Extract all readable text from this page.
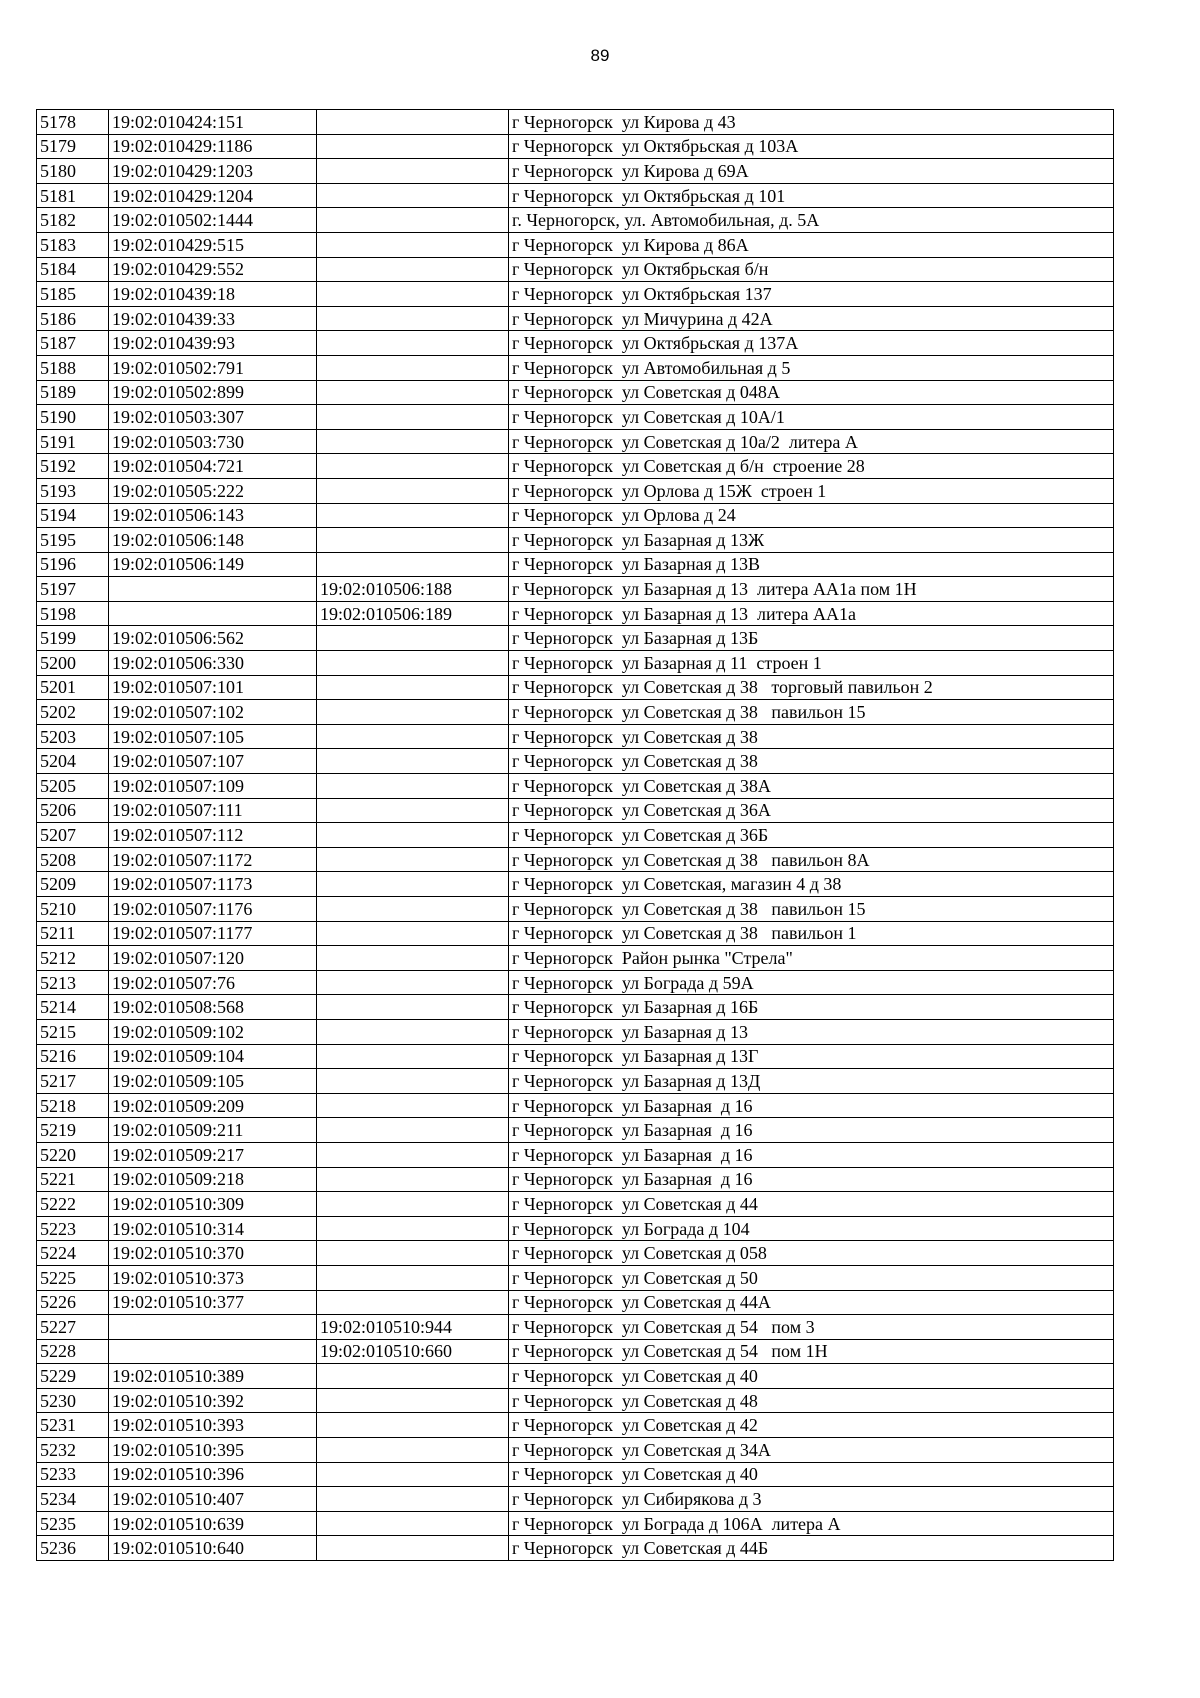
89
5178	19:02:010424:151		г Черногорск  ул Кирова д 43
5179	19:02:010429:1186		г Черногорск  ул Октябрьская д 103А
5180	19:02:010429:1203		г Черногорск  ул Кирова д 69А
5181	19:02:010429:1204		г Черногорск  ул Октябрьская д 101
5182	19:02:010502:1444		г. Черногорск, ул. Автомобильная, д. 5А
5183	19:02:010429:515		г Черногорск  ул Кирова д 86А
5184	19:02:010429:552		г Черногорск  ул Октябрьская б/н
5185	19:02:010439:18		г Черногорск  ул Октябрьская 137
5186	19:02:010439:33		г Черногорск  ул Мичурина д 42А
5187	19:02:010439:93		г Черногорск  ул Октябрьская д 137А
5188	19:02:010502:791		г Черногорск  ул Автомобильная д 5
5189	19:02:010502:899		г Черногорск  ул Советская д 048А
5190	19:02:010503:307		г Черногорск  ул Советская д 10А/1
5191	19:02:010503:730		г Черногорск  ул Советская д 10а/2  литера А
5192	19:02:010504:721		г Черногорск  ул Советская д б/н  строение 28
5193	19:02:010505:222		г Черногорск  ул Орлова д 15Ж  строен 1
5194	19:02:010506:143		г Черногорск  ул Орлова д 24
5195	19:02:010506:148		г Черногорск  ул Базарная д 13Ж
5196	19:02:010506:149		г Черногорск  ул Базарная д 13В
5197		19:02:010506:188	г Черногорск  ул Базарная д 13  литера АА1а пом 1Н
5198		19:02:010506:189	г Черногорск  ул Базарная д 13  литера АА1а
5199	19:02:010506:562		г Черногорск  ул Базарная д 13Б
5200	19:02:010506:330		г Черногорск  ул Базарная д 11  строен 1
5201	19:02:010507:101		г Черногорск  ул Советская д 38   торговый павильон 2
5202	19:02:010507:102		г Черногорск  ул Советская д 38   павильон 15
5203	19:02:010507:105		г Черногорск  ул Советская д 38
5204	19:02:010507:107		г Черногорск  ул Советская д 38
5205	19:02:010507:109		г Черногорск  ул Советская д 38А
5206	19:02:010507:111		г Черногорск  ул Советская д 36А
5207	19:02:010507:112		г Черногорск  ул Советская д 36Б
5208	19:02:010507:1172		г Черногорск  ул Советская д 38   павильон 8А
5209	19:02:010507:1173		г Черногорск  ул Советская, магазин 4 д 38
5210	19:02:010507:1176		г Черногорск  ул Советская д 38   павильон 15
5211	19:02:010507:1177		г Черногорск  ул Советская д 38   павильон 1
5212	19:02:010507:120		г Черногорск  Район рынка "Стрела"
5213	19:02:010507:76		г Черногорск  ул Бограда д 59А
5214	19:02:010508:568		г Черногорск  ул Базарная д 16Б
5215	19:02:010509:102		г Черногорск  ул Базарная д 13
5216	19:02:010509:104		г Черногорск  ул Базарная д 13Г
5217	19:02:010509:105		г Черногорск  ул Базарная д 13Д
5218	19:02:010509:209		г Черногорск  ул Базарная  д 16
5219	19:02:010509:211		г Черногорск  ул Базарная  д 16
5220	19:02:010509:217		г Черногорск  ул Базарная  д 16
5221	19:02:010509:218		г Черногорск  ул Базарная  д 16
5222	19:02:010510:309		г Черногорск  ул Советская д 44
5223	19:02:010510:314		г Черногорск  ул Бограда д 104
5224	19:02:010510:370		г Черногорск  ул Советская д 058
5225	19:02:010510:373		г Черногорск  ул Советская д 50
5226	19:02:010510:377		г Черногорск  ул Советская д 44А
5227		19:02:010510:944	г Черногорск  ул Советская д 54   пом 3
5228		19:02:010510:660	г Черногорск  ул Советская д 54   пом 1Н
5229	19:02:010510:389		г Черногорск  ул Советская д 40
5230	19:02:010510:392		г Черногорск  ул Советская д 48
5231	19:02:010510:393		г Черногорск  ул Советская д 42
5232	19:02:010510:395		г Черногорск  ул Советская д 34А
5233	19:02:010510:396		г Черногорск  ул Советская д 40
5234	19:02:010510:407		г Черногорск  ул Сибирякова д 3
5235	19:02:010510:639		г Черногорск  ул Бограда д 106А  литера А
5236	19:02:010510:640		г Черногорск  ул Советская д 44Б
